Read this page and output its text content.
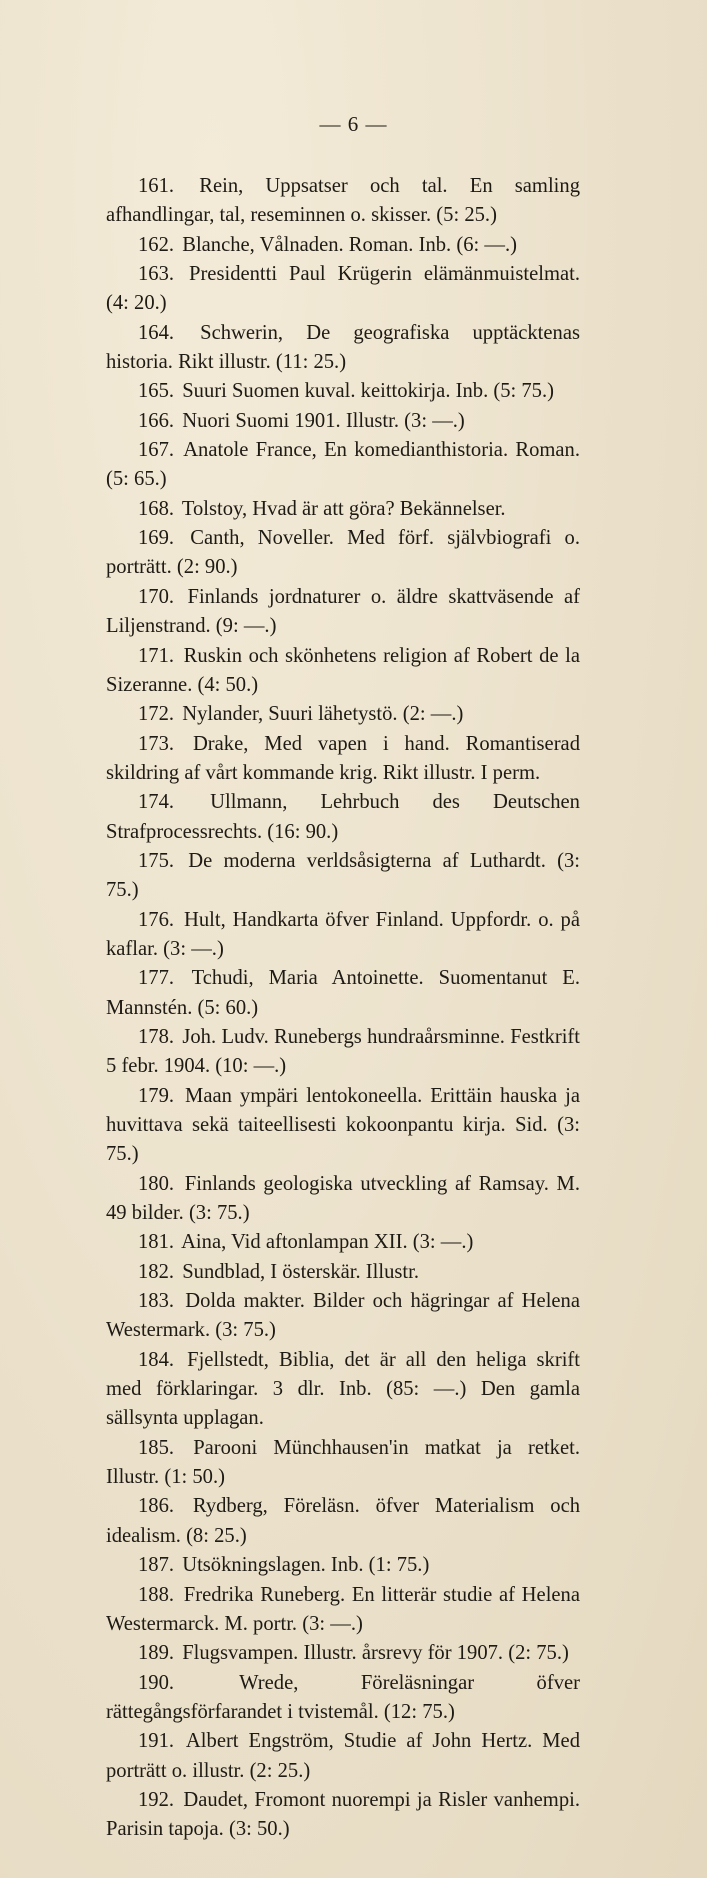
— 6 —

161. Rein, Uppsatser och tal. En samling afhandlingar, tal, reseminnen o. skisser. (5: 25.)

162. Blanche, Vålnaden. Roman. Inb. (6: —.)

163. Presidentti Paul Krügerin elämänmuistelmat. (4: 20.)

164. Schwerin, De geografiska upptäcktenas historia. Rikt illustr. (11: 25.)

165. Suuri Suomen kuval. keittokirja. Inb. (5: 75.)

166. Nuori Suomi 1901. Illustr. (3: —.)

167. Anatole France, En komedianthistoria. Roman. (5: 65.)

168. Tolstoy, Hvad är att göra? Bekännelser.

169. Canth, Noveller. Med förf. självbiografi o. porträtt. (2: 90.)

170. Finlands jordnaturer o. äldre skattväsende af Liljenstrand. (9: —.)

171. Ruskin och skönhetens religion af Robert de la Sizeranne. (4: 50.)

172. Nylander, Suuri lähetystö. (2: —.)

173. Drake, Med vapen i hand. Romantiserad skildring af vårt kommande krig. Rikt illustr. I perm.

174. Ullmann, Lehrbuch des Deutschen Strafprocessrechts. (16: 90.)

175. De moderna verldsåsigterna af Luthardt. (3: 75.)

176. Hult, Handkarta öfver Finland. Uppfordr. o. på kaflar. (3: —.)

177. Tchudi, Maria Antoinette. Suomentanut E. Mannstén. (5: 60.)

178. Joh. Ludv. Runebergs hundraårsminne. Festkrift 5 febr. 1904. (10: —.)

179. Maan ympäri lentokoneella. Erittäin hauska ja huvittava sekä taiteellisesti kokoonpantu kirja. Sid. (3: 75.)

180. Finlands geologiska utveckling af Ramsay. M. 49 bilder. (3: 75.)

181. Aina, Vid aftonlampan XII. (3: —.)

182. Sundblad, I österskär. Illustr.

183. Dolda makter. Bilder och hägringar af Helena Westermark. (3: 75.)

184. Fjellstedt, Biblia, det är all den heliga skrift med förklaringar. 3 dlr. Inb. (85: —.) Den gamla sällsynta upplagan.

185. Parooni Münchhausen'in matkat ja retket. Illustr. (1: 50.)

186. Rydberg, Föreläsn. öfver Materialism och idealism. (8: 25.)

187. Utsökningslagen. Inb. (1: 75.)

188. Fredrika Runeberg. En litterär studie af Helena Westermarck. M. portr. (3: —.)

189. Flugsvampen. Illustr. årsrevy för 1907. (2: 75.)

190.	Wrede, Föreläsningar öfver rättegångsförfarandet i tvistemål. (12: 75.)

191. Albert Engström, Studie af John Hertz. Med porträtt o. illustr. (2: 25.)

192. Daudet, Fromont nuorempi ja Risler vanhempi. Parisin tapoja. (3: 50.)
